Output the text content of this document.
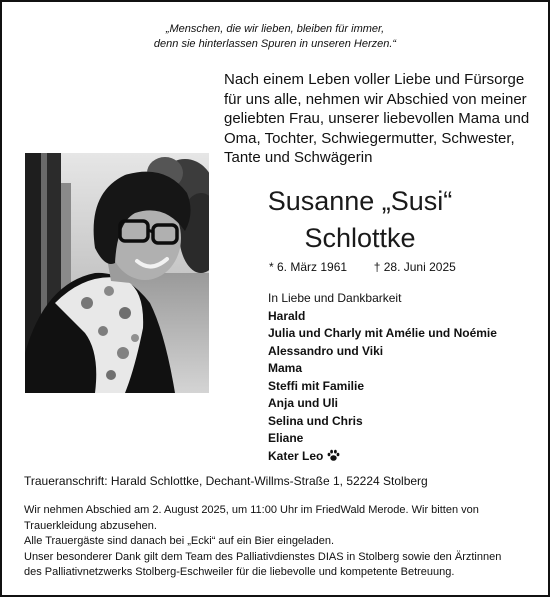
„Menschen, die wir lieben, bleiben für immer,
denn sie hinterlassen Spuren in unseren Herzen.“
Nach einem Leben voller Liebe und Fürsorge
für uns alle, nehmen wir Abschied von meiner
geliebten Frau, unserer liebevollen Mama und
Oma, Tochter, Schwiegermutter, Schwester,
Tante und Schwägerin
Susanne „Susi“
Schlottke
* 6. März 1961 † 28. Juni 2025
In Liebe und Dankbarkeit
Harald
Julia und Charly mit Amélie und Noémie
Alessandro und Viki
Mama
Steffi mit Familie
Anja und Uli
Selina und Chris
Eliane
Kater Leo
Traueranschrift: Harald Schlottke, Dechant-Willms-Straße 1, 52224 Stolberg
Wir nehmen Abschied am 2. August 2025, um 11:00 Uhr im FriedWald Merode. Wir bitten von
Trauerkleidung abzusehen.
Alle Trauergäste sind danach bei „Ecki“ auf ein Bier eingeladen.
Unser besonderer Dank gilt dem Team des Palliativdienstes DIAS in Stolberg sowie den Ärztinnen
des Palliativnetzwerks Stolberg-Eschweiler für die liebevolle und kompetente Betreuung.
